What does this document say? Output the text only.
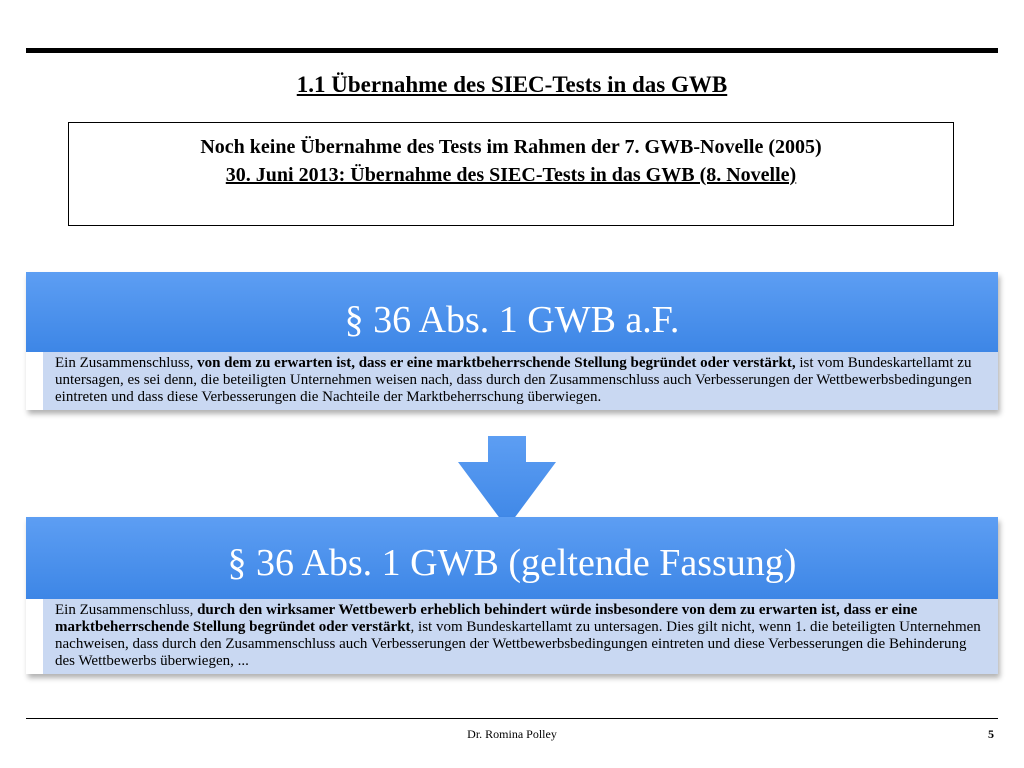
1.1 Übernahme des SIEC-Tests in das GWB
Noch keine Übernahme des Tests im Rahmen der 7. GWB-Novelle (2005)
30. Juni 2013: Übernahme des SIEC-Tests in das GWB (8. Novelle)
§ 36 Abs. 1 GWB a.F.
Ein Zusammenschluss, von dem zu erwarten ist, dass er eine marktbeherrschende Stellung begründet oder verstärkt, ist vom Bundeskartellamt zu untersagen, es sei denn, die beteiligten Unternehmen weisen nach, dass durch den Zusammenschluss auch Verbesserungen der Wettbewerbsbedingungen eintreten und dass diese Verbesserungen die Nachteile der Marktbeherrschung überwiegen.
§ 36 Abs. 1 GWB (geltende Fassung)
Ein Zusammenschluss, durch den wirksamer Wettbewerb erheblich behindert würde insbesondere von dem zu erwarten ist, dass er eine marktbeherrschende Stellung begründet oder verstärkt, ist vom Bundeskartellamt zu untersagen. Dies gilt nicht, wenn 1. die beteiligten Unternehmen nachweisen, dass durch den Zusammenschluss auch Verbesserungen der Wettbewerbsbedingungen eintreten und diese Verbesserungen die Behinderung des Wettbewerbs überwiegen, ...
Dr. Romina Polley	5
